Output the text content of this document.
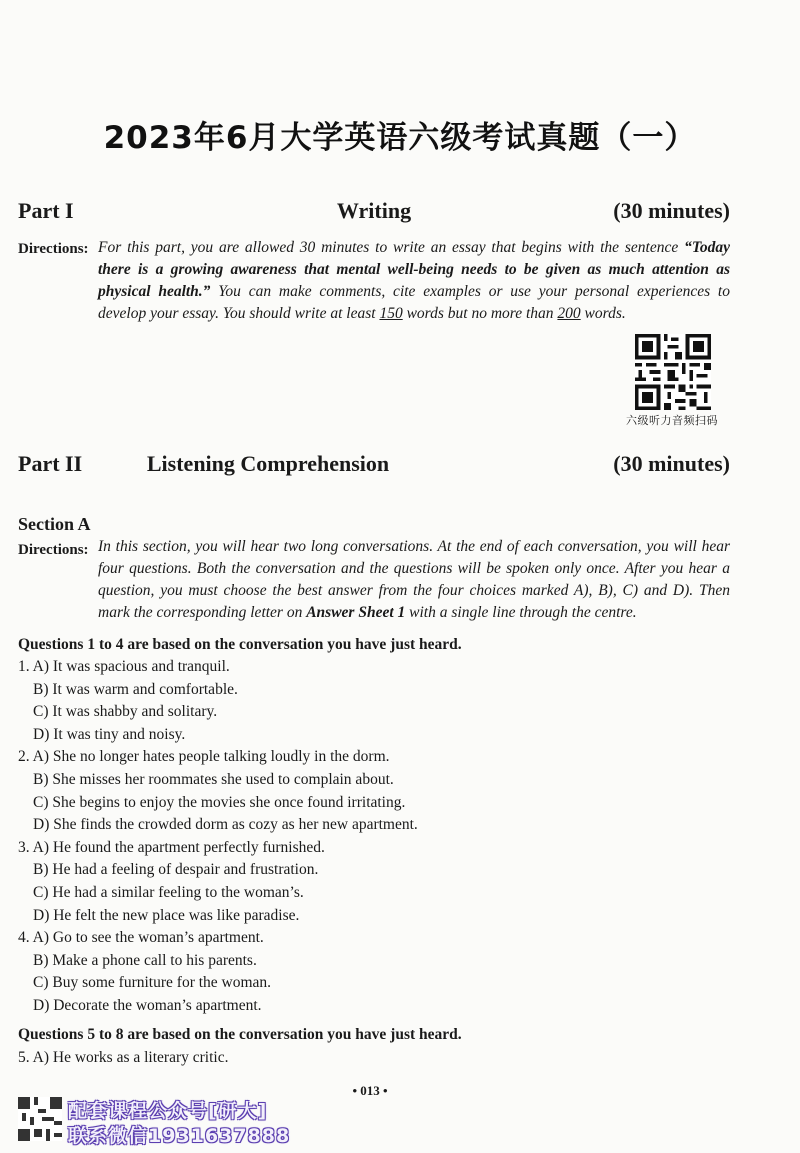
2023年6月大学英语六级考试真题（一）
Part I	Writing	(30 minutes)
Directions: For this part, you are allowed 30 minutes to write an essay that begins with the sentence “Today there is a growing awareness that mental well-being needs to be given as much attention as physical health.” You can make comments, cite examples or use your personal experiences to develop your essay. You should write at least 150 words but no more than 200 words.
六级听力音频扫码
Part II	Listening Comprehension	(30 minutes)
Section A
Directions: In this section, you will hear two long conversations. At the end of each conversation, you will hear four questions. Both the conversation and the questions will be spoken only once. After you hear a question, you must choose the best answer from the four choices marked A), B), C) and D). Then mark the corresponding letter on Answer Sheet 1 with a single line through the centre.
Questions 1 to 4 are based on the conversation you have just heard.
1. A) It was spacious and tranquil.
B) It was warm and comfortable.
C) It was shabby and solitary.
D) It was tiny and noisy.
2. A) She no longer hates people talking loudly in the dorm.
B) She misses her roommates she used to complain about.
C) She begins to enjoy the movies she once found irritating.
D) She finds the crowded dorm as cozy as her new apartment.
3. A) He found the apartment perfectly furnished.
B) He had a feeling of despair and frustration.
C) He had a similar feeling to the woman’s.
D) He felt the new place was like paradise.
4. A) Go to see the woman’s apartment.
B) Make a phone call to his parents.
C) Buy some furniture for the woman.
D) Decorate the woman’s apartment.
Questions 5 to 8 are based on the conversation you have just heard.
5. A) He works as a literary critic.
• 013 •
配套课程公众号[研大]
联系微信1931637888
